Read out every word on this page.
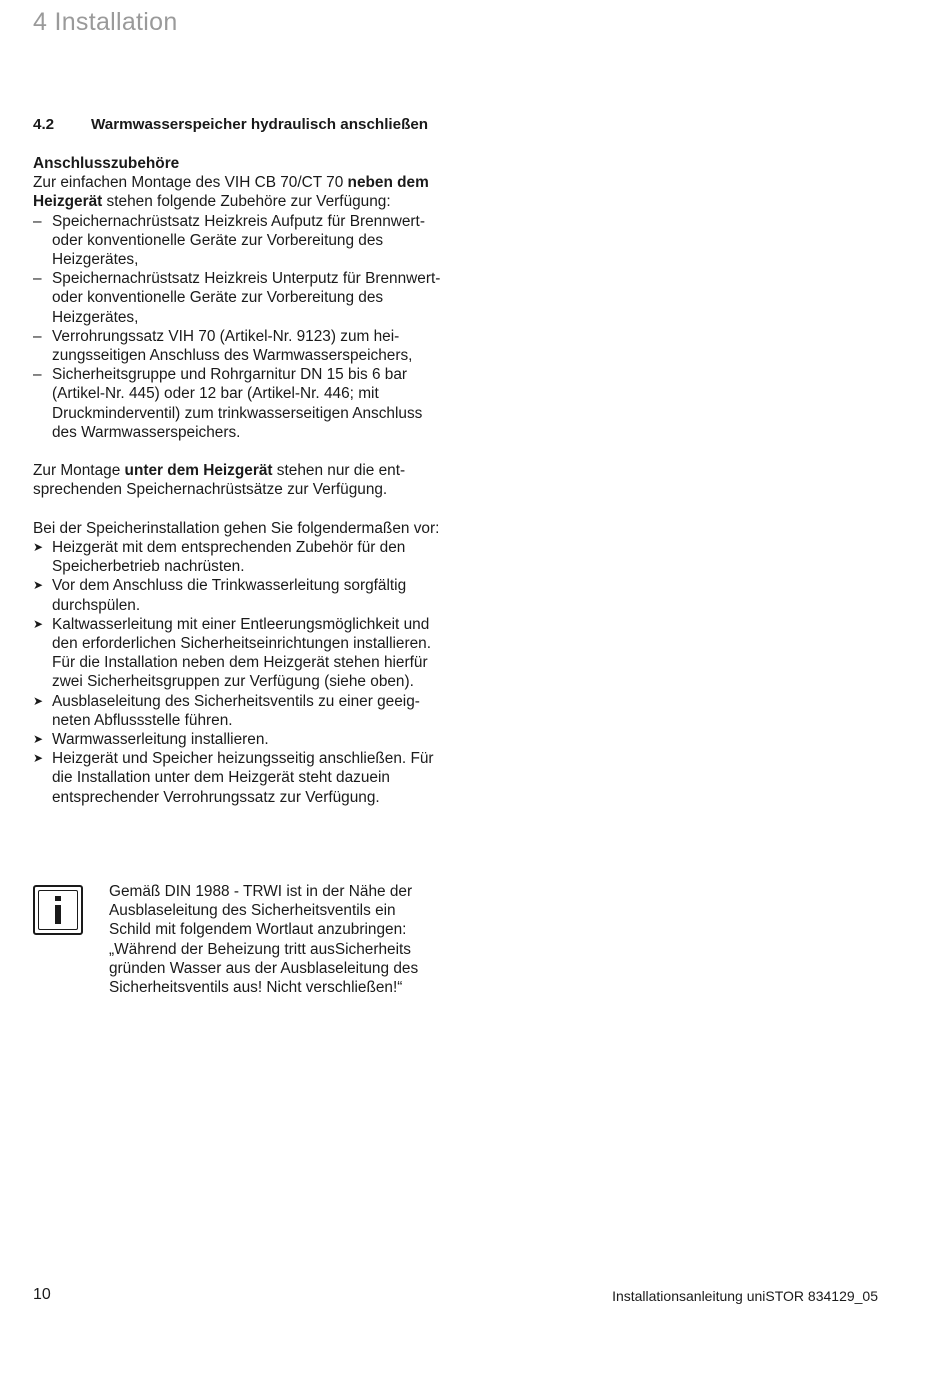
4 Installation
4.2	Warmwasserspeicher hydraulisch anschließen

Anschlusszubehöre

Zur einfachen Montage des VIH CB 70/CT 70 neben dem Heizgerät stehen folgende Zubehöre zur Verfügung:

– Speichernachrüstsatz Heizkreis Aufputz für Brennwert- oder konventionelle Geräte zur Vorbereitung des Heizgerätes,
– Speichernachrüstsatz Heizkreis Unterputz für Brennwert- oder konventionelle Geräte zur Vorbereitung des Heizgerätes,
– Verrohrungssatz VIH 70 (Artikel-Nr. 9123) zum heizungsseitigen Anschluss des Warmwasserspeichers,
– Sicherheitsgruppe und Rohrgarnitur DN 15 bis 6 bar (Artikel-Nr. 445) oder 12 bar (Artikel-Nr. 446; mit Druckminderventil) zum trinkwasserseitigen Anschluss des Warmwasserspeichers.

Zur Montage unter dem Heizgerät stehen nur die entsprechenden Speichernachrüstsätze zur Verfügung.

Bei der Speicherinstallation gehen Sie folgendermaßen vor:

➤ Heizgerät mit dem entsprechenden Zubehör für den Speicherbetrieb nachrüsten.
➤ Vor dem Anschluss die Trinkwasserleitung sorgfältig durchspülen.
➤ Kaltwasserleitung mit einer Entleerungsmöglichkeit und den erforderlichen Sicherheitseinrichtungen installieren. Für die Installation neben dem Heizgerät stehen hierfür zwei Sicherheitsgruppen zur Verfügung (siehe oben).
➤ Ausblaseleitung des Sicherheitsventils zu einer geeigneten Abflussstelle führen.
➤ Warmwasserleitung installieren.
➤ Heizgerät und Speicher heizungsseitig anschließen. Für die Installation unter dem Heizgerät steht dazuein entsprechender Verrohrungssatz zur Verfügung.
Gemäß DIN 1988 - TRWI ist in der Nähe der
Ausblaseleitung des Sicherheitsventils ein
Schild mit folgendem Wortlaut anzubringen:
„Während der Beheizung tritt ausSicherheits
gründen Wasser aus der Ausblaseleitung des
Sicherheitsventils aus! Nicht verschließen!“
10	Installationsanleitung uniSTOR 834129_05
